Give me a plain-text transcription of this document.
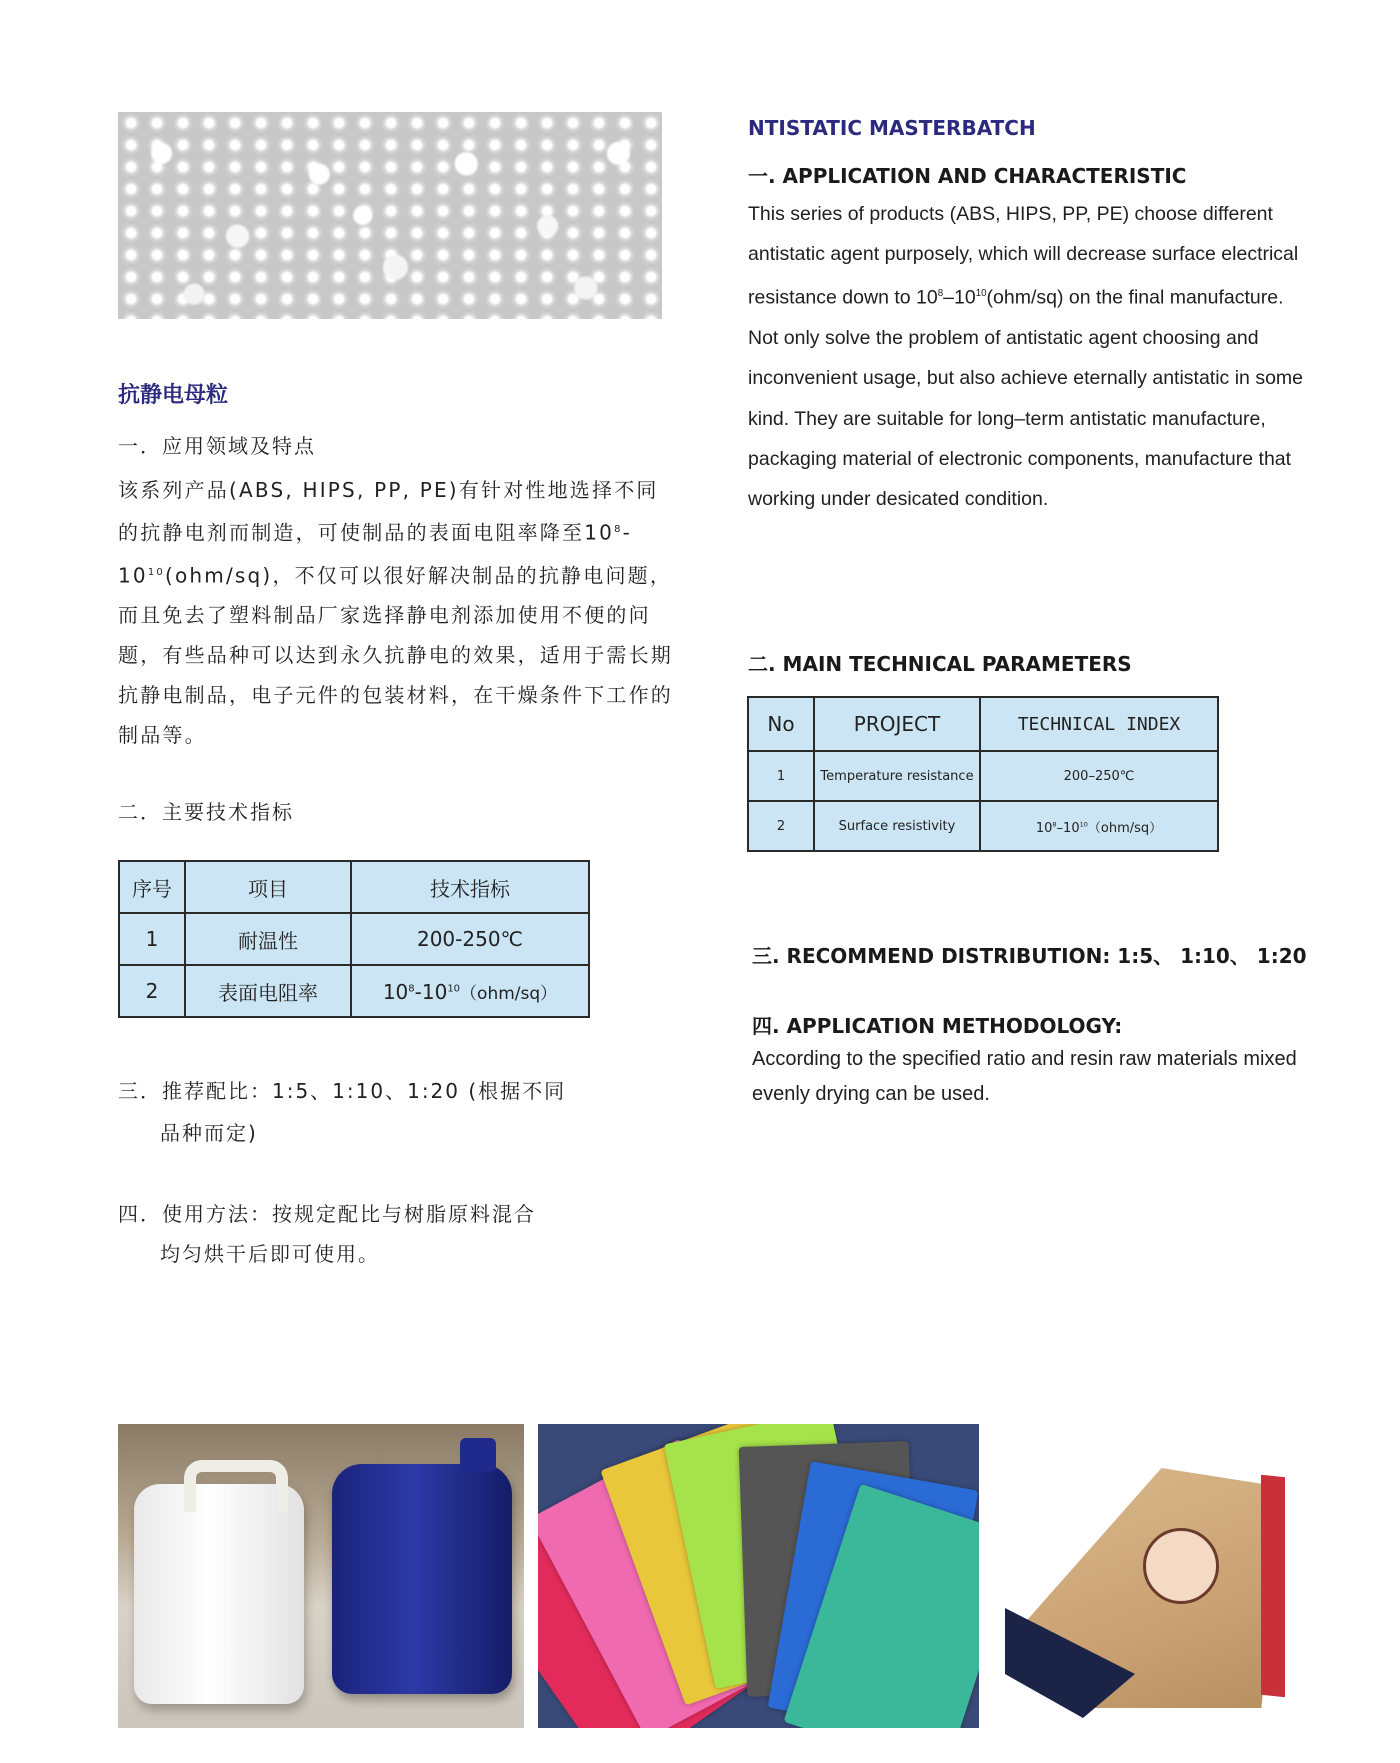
抗静电母粒
一．应用领域及特点
该系列产品(ABS, HIPS, PP, PE)有针对性地选择不同的抗静电剂而制造，可使制品的表面电阻率降至$10^8-10^{10}(ohm/sq)$，不仅可以很好解决制品的抗静电问题，而且免去了塑料制品厂家选择静电剂添加使用不便的问题，有些品种可以达到永久抗静电的效果，适用于需长期抗静电制品，电子元件的包装材料，在干燥条件下工作的制品等。
二．主要技术指标
序号	项目	技术指标
1	耐温性	200-250℃
2	表面电阻率	$10^8-10^{10}(ohm/sq)$
三．推荐配比：1:5、1:10、1:20 (根据不同
品种而定)
四．使用方法：按规定配比与树脂原料混合
均匀烘干后即可使用。
NTISTATIC MASTERBATCH
一. APPLICATION AND CHARACTERISTIC
This series of products (ABS, HIPS, PP, PE) choose different antistatic agent purposely, which will decrease surface electrical resistance down to $10^8-10^{10}(ohm/sq)$ on the final manufacture. Not only solve the problem of antistatic agent choosing and inconvenient usage, but also achieve eternally antistatic in some kind. They are suitable for long–term antistatic manufacture, packaging material of electronic components, manufacture that working under desicated condition.
二. MAIN TECHNICAL PARAMETERS
No	PROJECT	TECHNICAL INDEX
1	Temperature resistance	200–250℃
2	Surface resistivity	$10^8-10^{10}(ohm/sq)$
三. RECOMMEND DISTRIBUTION: 1:5、 1:10、 1:20
四. APPLICATION METHODOLOGY:
According to the specified ratio and resin raw materials mixed evenly drying can be used.
